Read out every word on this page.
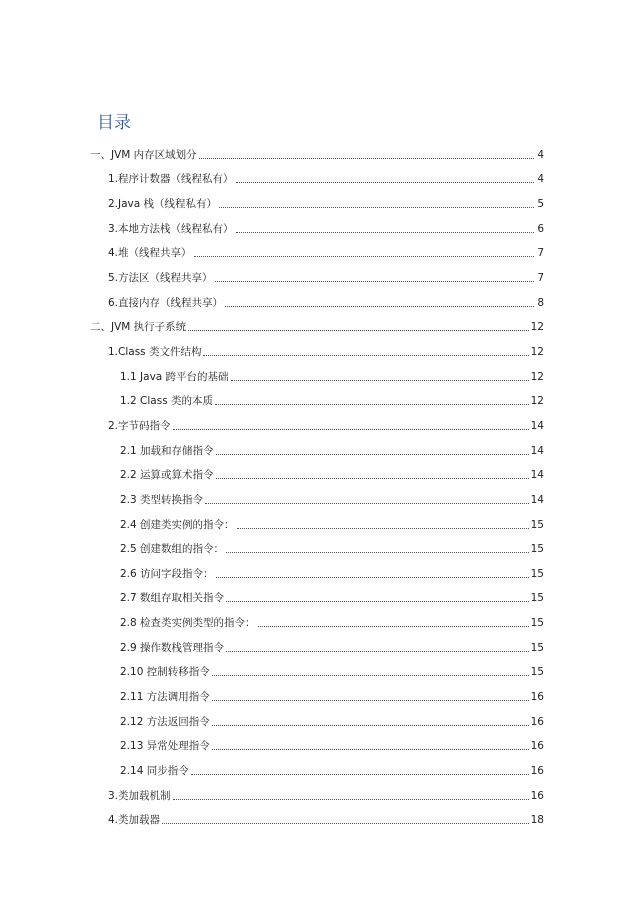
目录
一、JVM 内存区域划分	4
1.程序计数器（线程私有）	4
2.Java 栈（线程私有）	5
3.本地方法栈（线程私有）	6
4.堆（线程共享）	7
5.方法区（线程共享）	7
6.直接内存（线程共享）	8
二、JVM 执行子系统	12
1.Class 类文件结构	12
1.1 Java 跨平台的基础	12
1.2 Class 类的本质	12
2.字节码指令	14
2.1 加载和存储指令	14
2.2 运算或算术指令	14
2.3 类型转换指令	14
2.4 创建类实例的指令：	15
2.5 创建数组的指令：	15
2.6 访问字段指令：	15
2.7 数组存取相关指令	15
2.8 检查类实例类型的指令：	15
2.9 操作数栈管理指令	15
2.10 控制转移指令	15
2.11 方法调用指令	16
2.12 方法返回指令	16
2.13 异常处理指令	16
2.14 同步指令	16
3.类加载机制	16
4.类加载器	18
